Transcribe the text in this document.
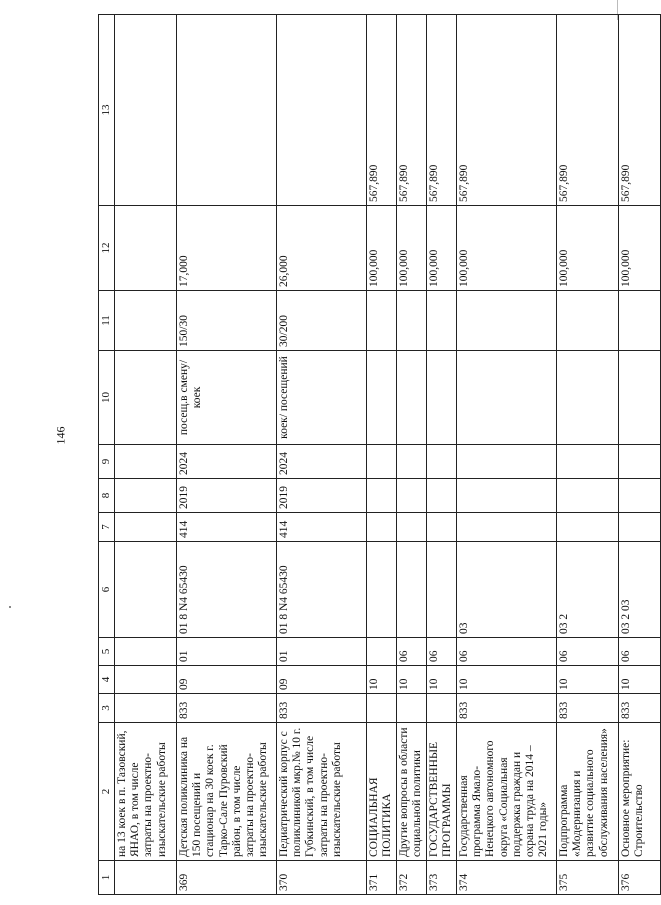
146
1	2	3	4	5	6	7	8	9	10	11	12	13
	на 13 коек в п. Тазовский, ЯНАО, в том числе затраты на проектно-изыскательские работы											
369	Детская поликлиника на 150 посещений и стационар на 30 коек г. Тарко-Сале Пуровский район, в том числе затраты на проектно-изыскательские работы	833	09	01	01 8 N4 65430	414	2019	2024	посещ.в смену/коек	150/30	17,000	
370	Педиатрический корпус с поликлиникой мкр.№ 10 г. Губкинский, в том числе затраты на проектно-изыскательские работы	833	09	01	01 8 N4 65430	414	2019	2024	коек/ посещений	30/200	26,000	
371	СОЦИАЛЬНАЯ ПОЛИТИКА		10								100,000	567,890
372	Другие вопросы в области социальной политики		10	06							100,000	567,890
373	ГОСУДАРСТВЕННЫЕ ПРОГРАММЫ		10	06							100,000	567,890
374	Государственная программа Ямало-Ненецкого автономного округа «Социальная поддержка граждан и охрана труда на 2014 – 2021 годы»	833	10	06	03						100,000	567,890
375	Подпрограмма «Модернизация и развитие социального обслуживания населения»	833	10	06	03 2						100,000	567,890
376	Основное мероприятие: Строительство	833	10	06	03 2 03						100,000	567,890
